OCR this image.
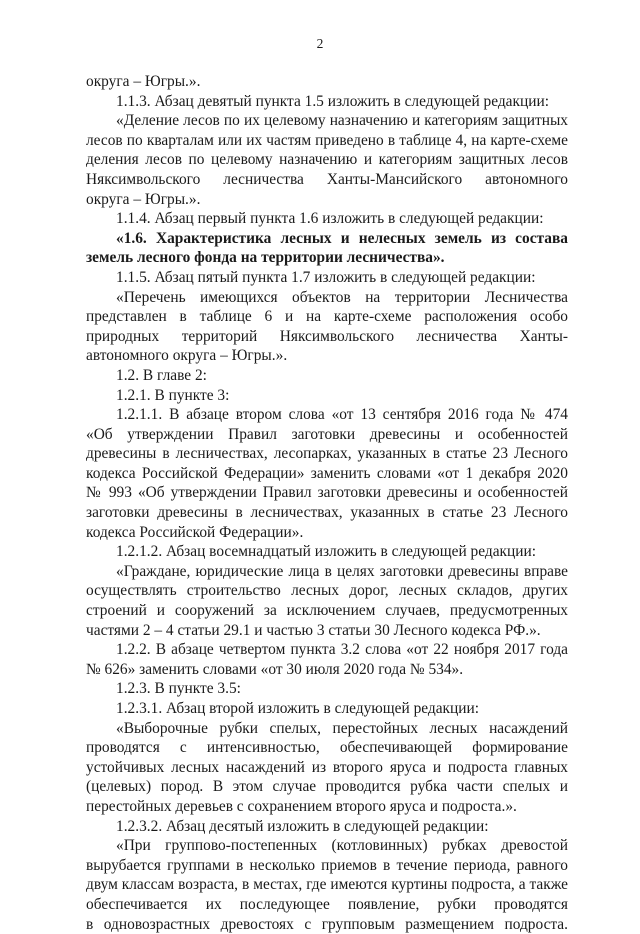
2
округа – Югры.».
1.1.3. Абзац девятый пункта 1.5 изложить в следующей редакции:
«Деление лесов по их целевому назначению и категориям защитных
лесов по кварталам или их частям приведено в таблице 4, на карте-схеме
деления лесов по целевому назначению и категориям защитных лесов
Няксимвольского лесничества Ханты-Мансийского автономного
округа – Югры.».
1.1.4. Абзац первый пункта 1.6 изложить в следующей редакции:
«1.6. Характеристика лесных и нелесных земель из состава
земель лесного фонда на территории лесничества».
1.1.5. Абзац пятый пункта 1.7 изложить в следующей редакции:
«Перечень имеющихся объектов на территории Лесничества
представлен в таблице 6 и на карте-схеме расположения особо
природных территорий Няксимвольского лесничества Ханты-
автономного округа – Югры.».
1.2. В главе 2:
1.2.1. В пункте 3:
1.2.1.1. В абзаце втором слова «от 13 сентября 2016 года № 474
«Об утверждении Правил заготовки древесины и особенностей
древесины в лесничествах, лесопарках, указанных в статье 23 Лесного
кодекса Российской Федерации» заменить словами «от 1 декабря 2020
№ 993 «Об утверждении Правил заготовки древесины и особенностей
заготовки древесины в лесничествах, указанных в статье 23 Лесного
кодекса Российской Федерации».
1.2.1.2. Абзац восемнадцатый изложить в следующей редакции:
«Граждане, юридические лица в целях заготовки древесины вправе
осуществлять строительство лесных дорог, лесных складов, других
строений и сооружений за исключением случаев, предусмотренных
частями 2 – 4 статьи 29.1 и частью 3 статьи 30 Лесного кодекса РФ.».
1.2.2. В абзаце четвертом пункта 3.2 слова «от 22 ноября 2017 года
№ 626» заменить словами «от 30 июля 2020 года № 534».
1.2.3. В пункте 3.5:
1.2.3.1. Абзац второй изложить в следующей редакции:
«Выборочные рубки спелых, перестойных лесных насаждений
проводятся с интенсивностью, обеспечивающей формирование
устойчивых лесных насаждений из второго яруса и подроста главных
(целевых) пород. В этом случае проводится рубка части спелых и
перестойных деревьев с сохранением второго яруса и подроста.».
1.2.3.2. Абзац десятый изложить в следующей редакции:
«При группово-постепенных (котловинных) рубках древостой
вырубается группами в несколько приемов в течение периода, равного
двум классам возраста, в местах, где имеются куртины подроста, а также
обеспечивается их последующее появление, рубки проводятся
в одновозрастных древостоях с групповым размещением подроста.
